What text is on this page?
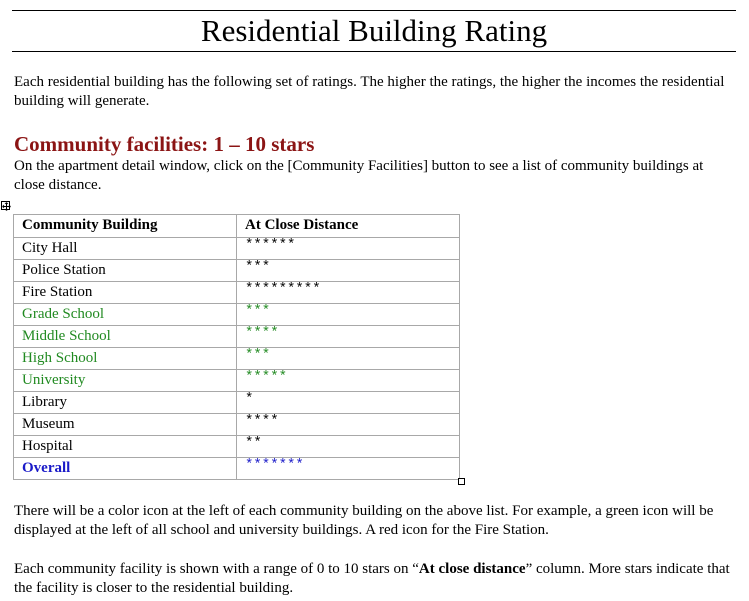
Residential Building Rating

Each residential building has the following set of ratings. The higher the ratings, the higher the incomes the residential building will generate.

Community facilities: 1 – 10 stars

On the apartment detail window, click on the [Community Facilities] button to see a list of community buildings at close distance.

Community Building	At Close Distance
City Hall	******
Police Station	***
Fire Station	*********
Grade School	***
Middle School	****
High School	***
University	*****
Library	*
Museum	****
Hospital	**
Overall	*******

There will be a color icon at the left of each community building on the above list. For example, a green icon will be displayed at the left of all school and university buildings. A red icon for the Fire Station.

Each community facility is shown with a range of 0 to 10 stars on “At close distance” column. More stars indicate that the facility is closer to the residential building.
